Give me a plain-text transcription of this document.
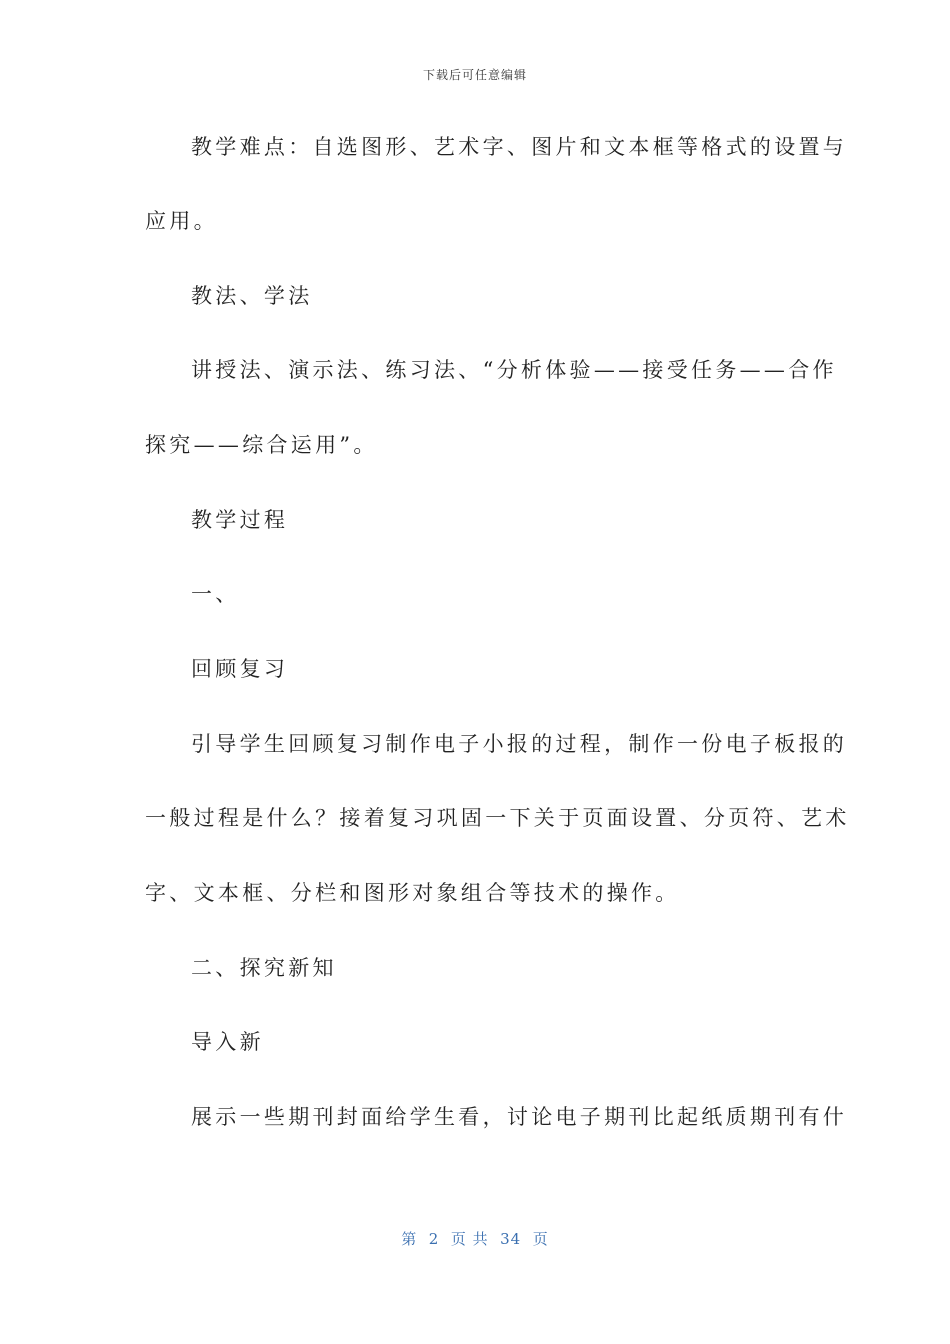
下载后可任意编辑
教学难点：自选图形、艺术字、图片和文本框等格式的设置与
应用。
教法、学法
讲授法、演示法、练习法、“分析体验——接受任务——合作
探究——综合运用”。
教学过程
一、
回顾复习
引导学生回顾复习制作电子小报的过程，制作一份电子板报的
一般过程是什么？接着复习巩固一下关于页面设置、分页符、艺术
字、文本框、分栏和图形对象组合等技术的操作。
二、探究新知
导入新
展示一些期刊封面给学生看，讨论电子期刊比起纸质期刊有什
第  2  页 共  34  页
